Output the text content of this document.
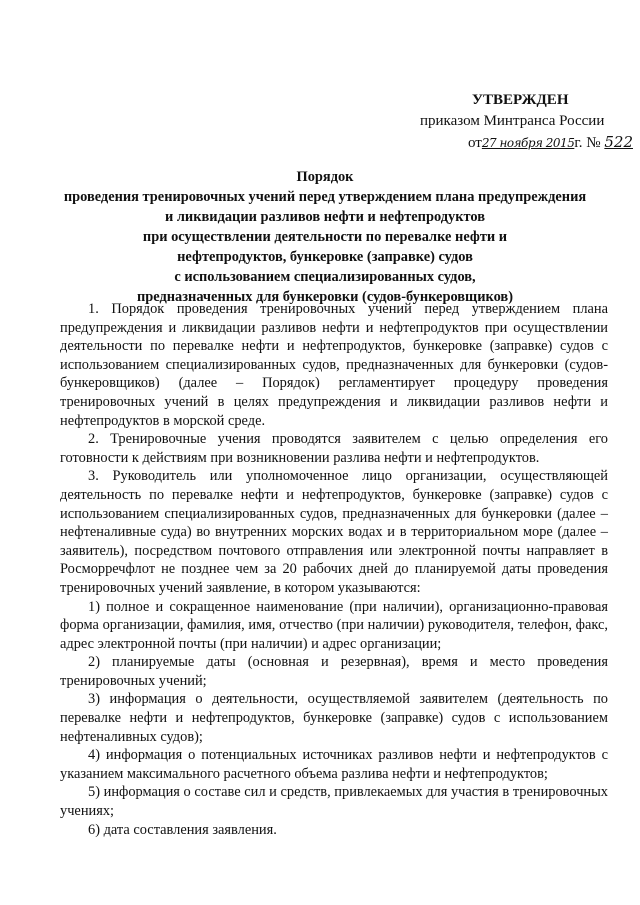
УТВЕРЖДЕН
приказом Минтранса России
от27 ноября 2015г. № 522
Порядок
проведения тренировочных учений перед утверждением плана предупреждения
и ликвидации разливов нефти и нефтепродуктов
при осуществлении деятельности по перевалке нефти и
нефтепродуктов, бункеровке (заправке) судов
с использованием специализированных судов,
предназначенных для бункеровки (судов-бункеровщиков)

1. Порядок проведения тренировочных учений перед утверждением плана предупреждения и ликвидации разливов нефти и нефтепродуктов при осуществлении деятельности по перевалке нефти и нефтепродуктов, бункеровке (заправке) судов с использованием специализированных судов, предназначенных для бункеровки (судов-бункеровщиков) (далее – Порядок) регламентирует процедуру проведения тренировочных учений в целях предупреждения и ликвидации разливов нефти и нефтепродуктов в морской среде.

2. Тренировочные учения проводятся заявителем с целью определения его готовности к действиям при возникновении разлива нефти и нефтепродуктов.

3. Руководитель или уполномоченное лицо организации, осуществляющей деятельность по перевалке нефти и нефтепродуктов, бункеровке (заправке) судов с использованием специализированных судов, предназначенных для бункеровки (далее – нефтеналивные суда) во внутренних морских водах и в территориальном море (далее – заявитель), посредством почтового отправления или электронной почты направляет в Росморречфлот не позднее чем за 20 рабочих дней до планируемой даты проведения тренировочных учений заявление, в котором указываются:

1) полное и сокращенное наименование (при наличии), организационно-правовая форма организации, фамилия, имя, отчество (при наличии) руководителя, телефон, факс, адрес электронной почты (при наличии) и адрес организации;

2) планируемые даты (основная и резервная), время и место проведения тренировочных учений;

3) информация о деятельности, осуществляемой заявителем (деятельность по перевалке нефти и нефтепродуктов, бункеровке (заправке) судов с использованием нефтеналивных судов);

4) информация о потенциальных источниках разливов нефти и нефтепродуктов с указанием максимального расчетного объема разлива нефти и нефтепродуктов;

5) информация о составе сил и средств, привлекаемых для участия в тренировочных учениях;

6) дата составления заявления.
